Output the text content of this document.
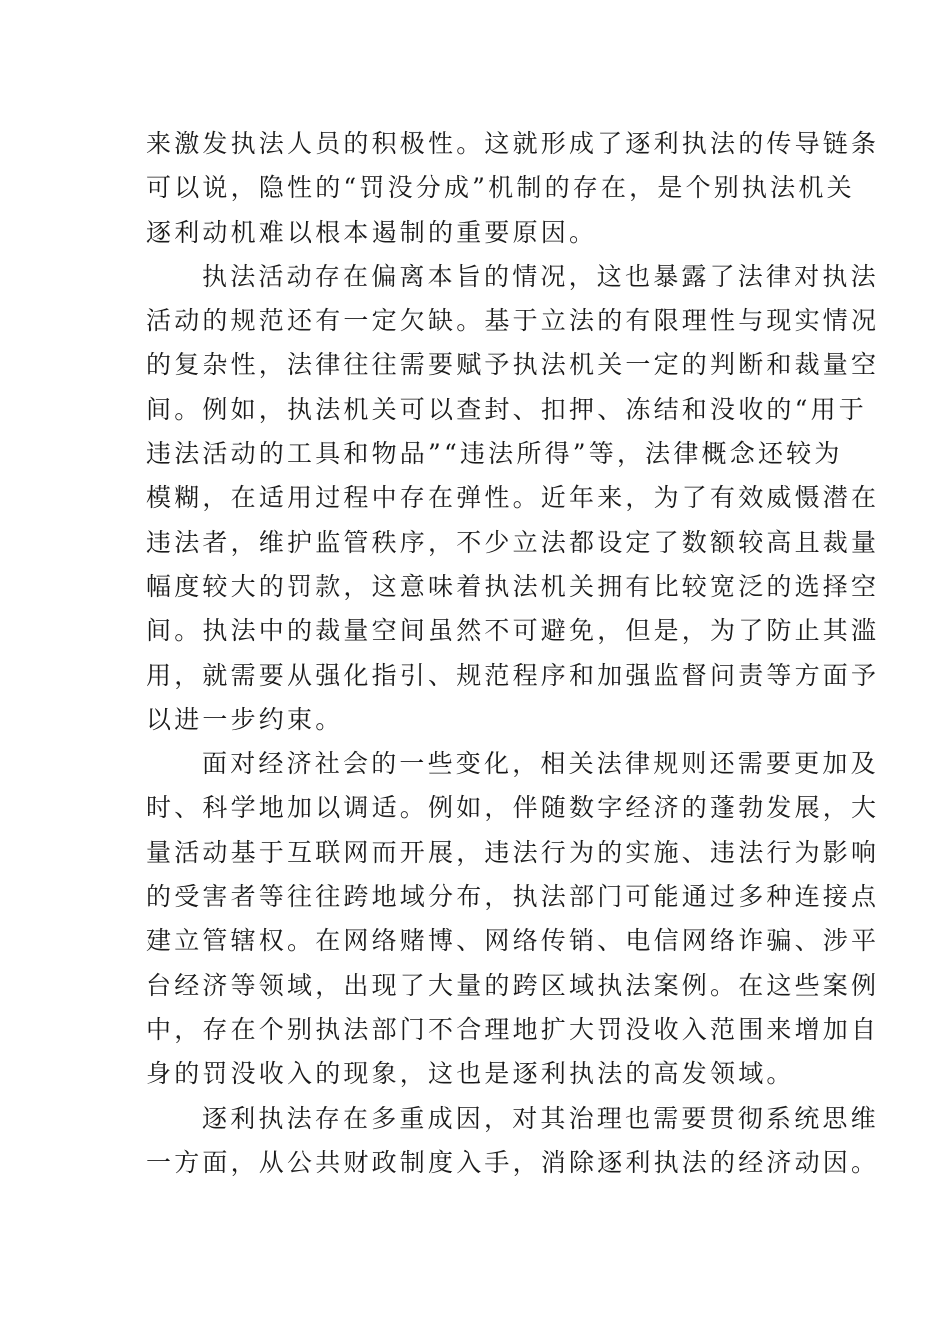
来激发执法人员的积极性。这就形成了逐利执法的传导链条
可以说，隐性的“罚没分成”机制的存在，是个别执法机关
逐利动机难以根本遏制的重要原因。
执法活动存在偏离本旨的情况，这也暴露了法律对执法
活动的规范还有一定欠缺。基于立法的有限理性与现实情况
的复杂性，法律往往需要赋予执法机关一定的判断和裁量空
间。例如，执法机关可以查封、扣押、冻结和没收的“用于
违法活动的工具和物品”“违法所得”等，法律概念还较为
模糊，在适用过程中存在弹性。近年来，为了有效威慑潜在
违法者，维护监管秩序，不少立法都设定了数额较高且裁量
幅度较大的罚款，这意味着执法机关拥有比较宽泛的选择空
间。执法中的裁量空间虽然不可避免，但是，为了防止其滥
用，就需要从强化指引、规范程序和加强监督问责等方面予
以进一步约束。
面对经济社会的一些变化，相关法律规则还需要更加及
时、科学地加以调适。例如，伴随数字经济的蓬勃发展，大
量活动基于互联网而开展，违法行为的实施、违法行为影响
的受害者等往往跨地域分布，执法部门可能通过多种连接点
建立管辖权。在网络赌博、网络传销、电信网络诈骗、涉平
台经济等领域，出现了大量的跨区域执法案例。在这些案例
中，存在个别执法部门不合理地扩大罚没收入范围来增加自
身的罚没收入的现象，这也是逐利执法的高发领域。
逐利执法存在多重成因，对其治理也需要贯彻系统思维
一方面，从公共财政制度入手，消除逐利执法的经济动因。
